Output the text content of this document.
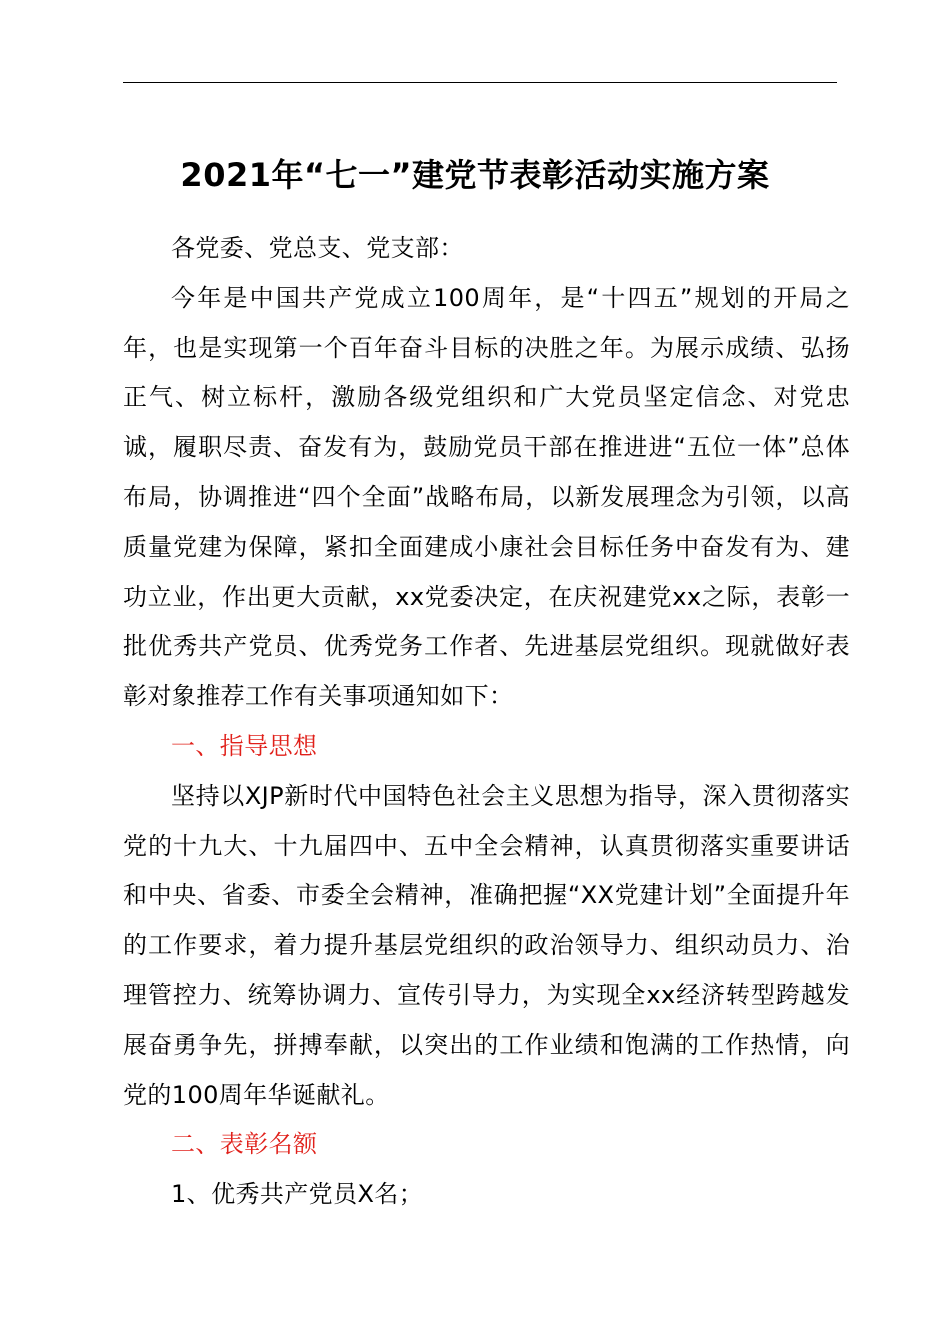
2021年“七一”建党节表彰活动实施方案

各党委、党总支、党支部：

今年是中国共产党成立100周年，是“十四五”规划的开局之年，也是实现第一个百年奋斗目标的决胜之年。为展示成绩、弘扬正气、树立标杆，激励各级党组织和广大党员坚定信念、对党忠诚，履职尽责、奋发有为，鼓励党员干部在推进进“五位一体”总体布局，协调推进“四个全面”战略布局，以新发展理念为引领，以高质量党建为保障，紧扣全面建成小康社会目标任务中奋发有为、建功立业，作出更大贡献，xx党委决定，在庆祝建党xx之际，表彰一批优秀共产党员、优秀党务工作者、先进基层党组织。现就做好表彰对象推荐工作有关事项通知如下：

一、指导思想

坚持以XJP新时代中国特色社会主义思想为指导，深入贯彻落实党的十九大、十九届四中、五中全会精神，认真贯彻落实重要讲话和中央、省委、市委全会精神，准确把握“XX党建计划”全面提升年的工作要求，着力提升基层党组织的政治领导力、组织动员力、治理管控力、统筹协调力、宣传引导力，为实现全xx经济转型跨越发展奋勇争先，拼搏奉献，以突出的工作业绩和饱满的工作热情，向党的100周年华诞献礼。

二、表彰名额

1、优秀共产党员X名；
